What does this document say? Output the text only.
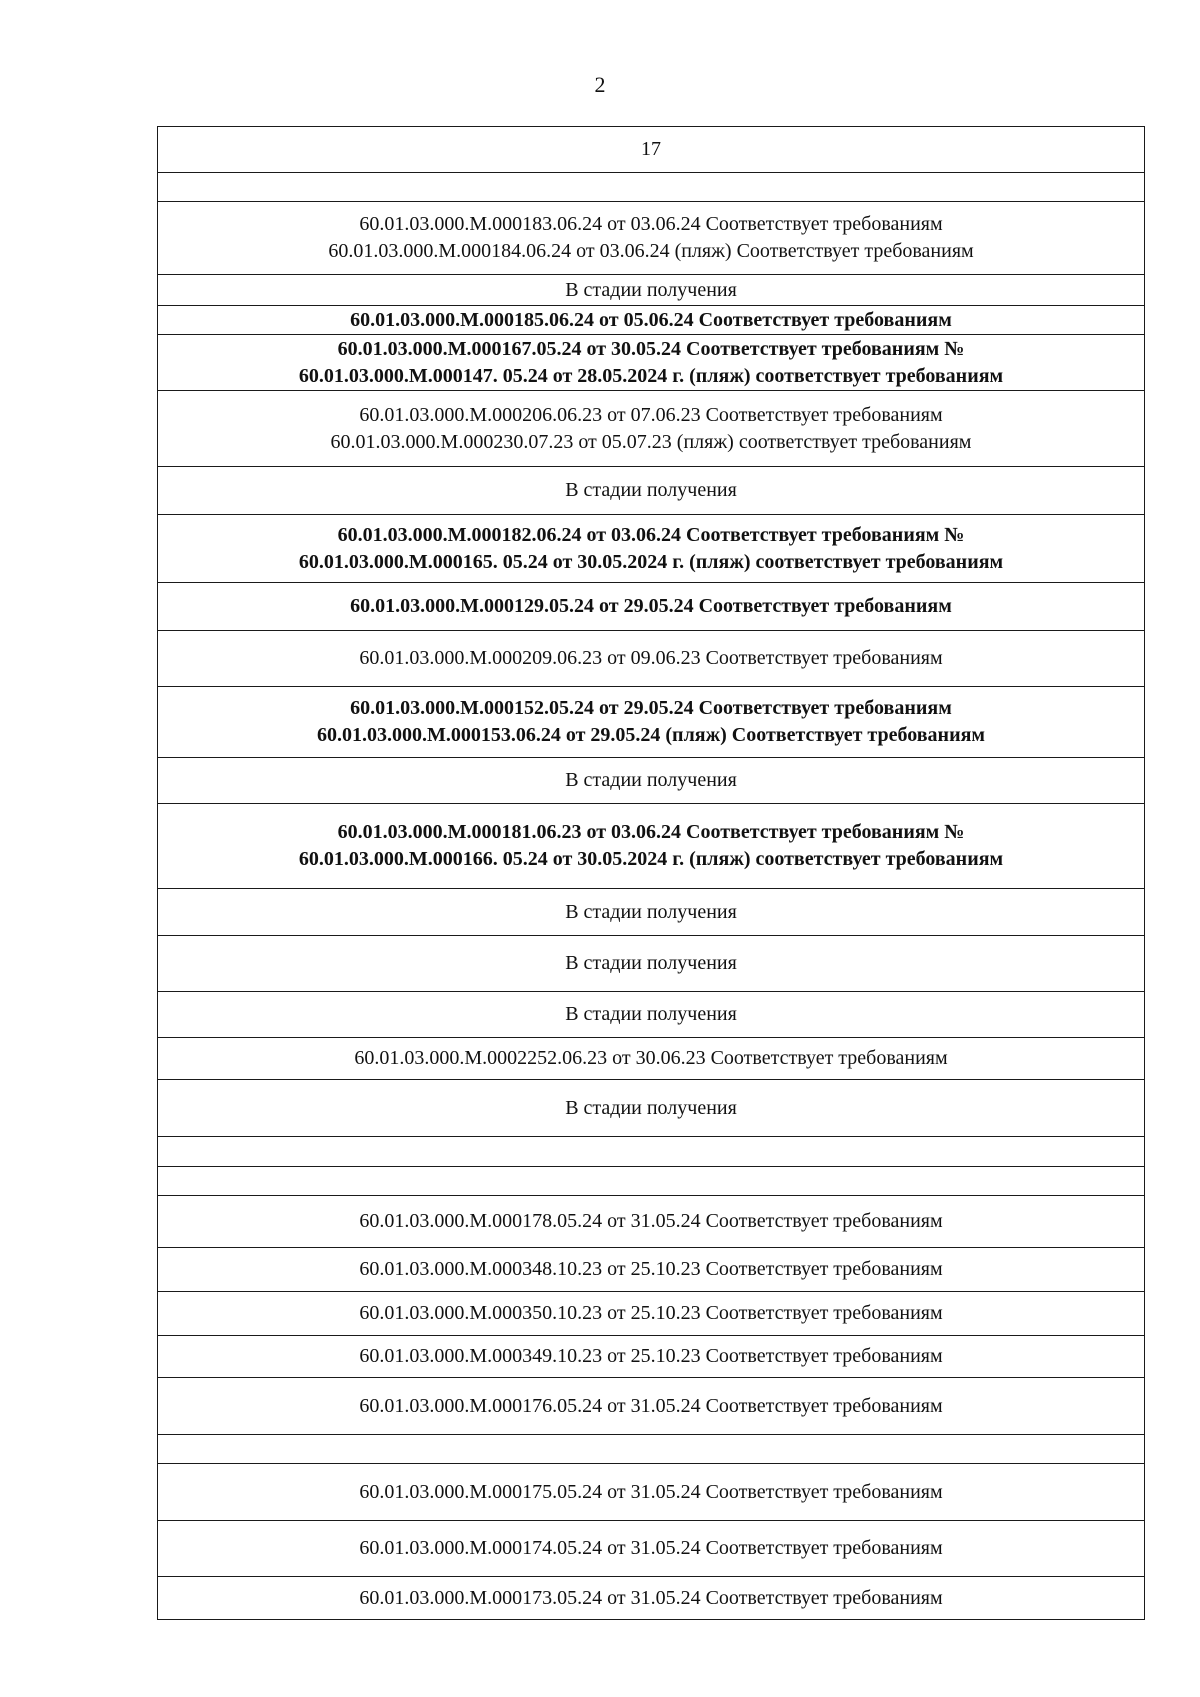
2
17

60.01.03.000.М.000183.06.24 от 03.06.24 Соответствует требованиям
60.01.03.000.М.000184.06.24 от 03.06.24 (пляж) Соответствует требованиям

В стадии получения

60.01.03.000.М.000185.06.24 от 05.06.24 Соответствует требованиям

60.01.03.000.М.000167.05.24 от 30.05.24 Соответствует требованиям №
60.01.03.000.М.000147. 05.24 от 28.05.2024 г. (пляж) соответствует требованиям

60.01.03.000.М.000206.06.23 от 07.06.23 Соответствует требованиям
60.01.03.000.М.000230.07.23 от 05.07.23 (пляж) соответствует требованиям

В стадии получения

60.01.03.000.М.000182.06.24 от 03.06.24 Соответствует требованиям №
60.01.03.000.М.000165. 05.24 от 30.05.2024 г. (пляж) соответствует требованиям

60.01.03.000.М.000129.05.24 от 29.05.24 Соответствует требованиям

60.01.03.000.М.000209.06.23 от 09.06.23 Соответствует требованиям

60.01.03.000.М.000152.05.24 от 29.05.24 Соответствует требованиям
60.01.03.000.М.000153.06.24 от 29.05.24 (пляж) Соответствует требованиям

В стадии получения

60.01.03.000.М.000181.06.23 от 03.06.24 Соответствует требованиям №
60.01.03.000.М.000166. 05.24 от 30.05.2024 г. (пляж) соответствует требованиям

В стадии получения

В стадии получения

В стадии получения

60.01.03.000.М.0002252.06.23 от 30.06.23 Соответствует требованиям

В стадии получения

60.01.03.000.М.000178.05.24 от 31.05.24 Соответствует требованиям

60.01.03.000.М.000348.10.23 от 25.10.23 Соответствует требованиям

60.01.03.000.М.000350.10.23 от 25.10.23 Соответствует требованиям

60.01.03.000.М.000349.10.23 от 25.10.23 Соответствует требованиям

60.01.03.000.М.000176.05.24 от 31.05.24 Соответствует требованиям

60.01.03.000.М.000175.05.24 от 31.05.24 Соответствует требованиям

60.01.03.000.М.000174.05.24 от 31.05.24 Соответствует требованиям

60.01.03.000.М.000173.05.24 от 31.05.24 Соответствует требованиям
